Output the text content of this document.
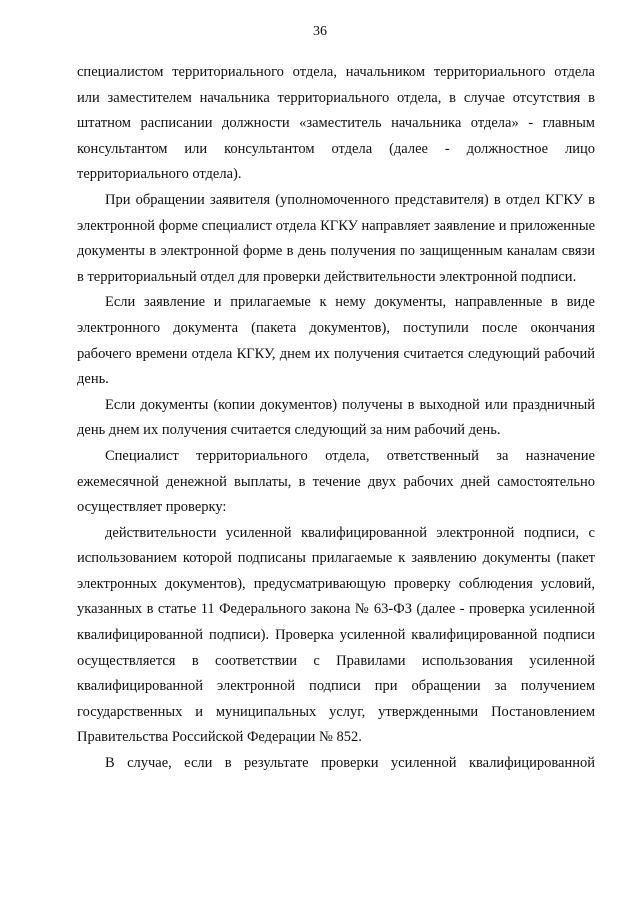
36

специалистом территориального отдела, начальником территориального отдела или заместителем начальника территориального отдела, в случае отсутствия в штатном расписании должности «заместитель начальника отдела» - главным консультантом или консультантом отдела (далее - должностное лицо территориального отдела).

При обращении заявителя (уполномоченного представителя) в отдел КГКУ в электронной форме специалист отдела КГКУ направляет заявление и приложенные документы в электронной форме в день получения по защищенным каналам связи в территориальный отдел для проверки действительности электронной подписи.

Если заявление и прилагаемые к нему документы, направленные в виде электронного документа (пакета документов), поступили после окончания рабочего времени отдела КГКУ, днем их получения считается следующий рабочий день.

Если документы (копии документов) получены в выходной или праздничный день днем их получения считается следующий за ним рабочий день.

Специалист территориального отдела, ответственный за назначение ежемесячной денежной выплаты, в течение двух рабочих дней самостоятельно осуществляет проверку:

действительности усиленной квалифицированной электронной подписи, с использованием которой подписаны прилагаемые к заявлению документы (пакет электронных документов), предусматривающую проверку соблюдения условий, указанных в статье 11 Федерального закона № 63-ФЗ (далее - проверка усиленной квалифицированной подписи). Проверка усиленной квалифицированной подписи осуществляется в соответствии с Правилами использования усиленной квалифицированной электронной подписи при обращении за получением государственных и муниципальных услуг, утвержденными Постановлением Правительства Российской Федерации № 852.

В случае, если в результате проверки усиленной квалифицированной
